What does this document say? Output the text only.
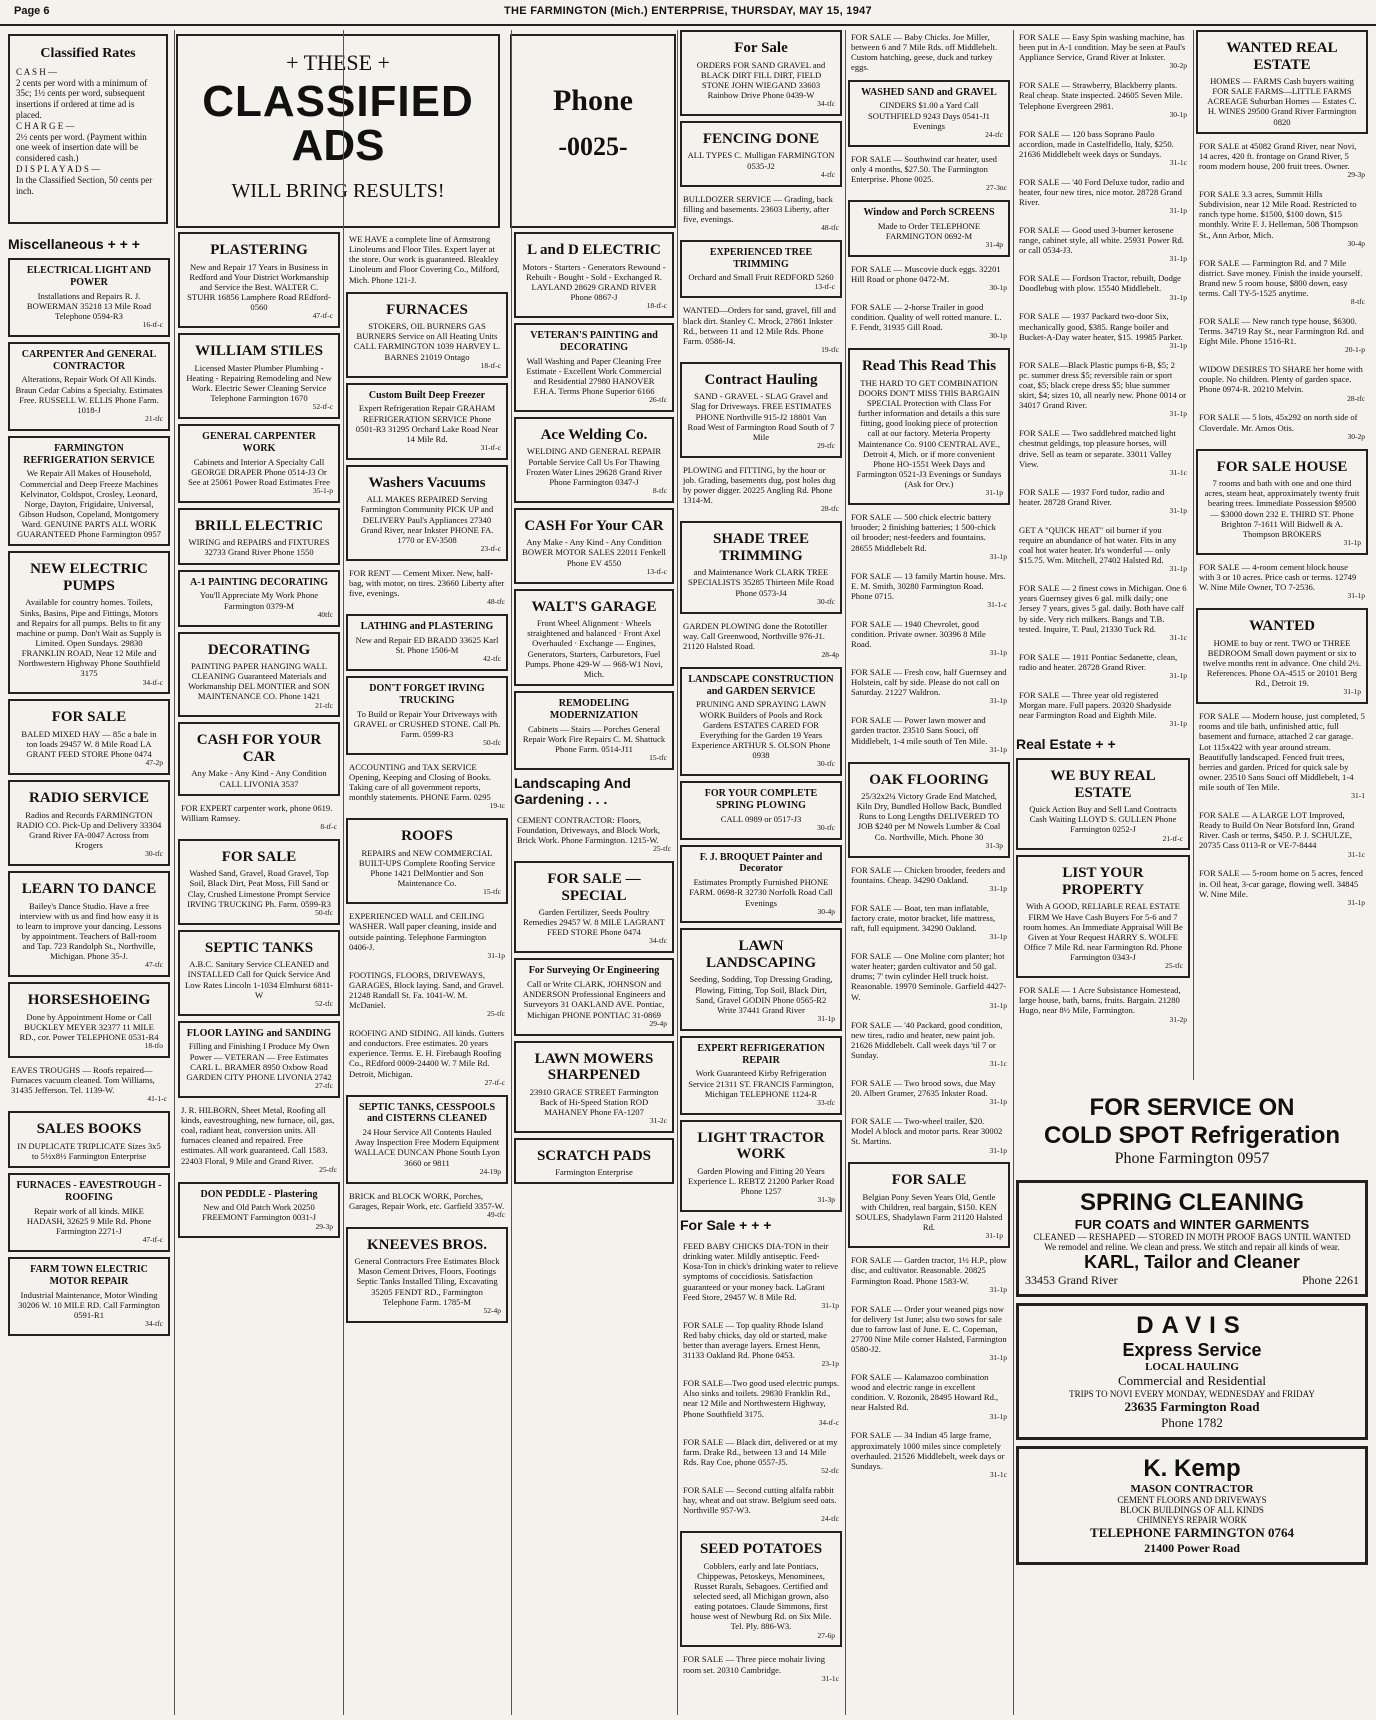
Page 6	THE FARMINGTON (Mich.) ENTERPRISE, THURSDAY, MAY 15, 1947
Classified Rates
C A S H —
2 cents per word with a minimum of 35c; 1½ cents per word, subsequent insertions if ordered at time ad is placed.
C H A R G E —
2½ cents per word. (Payment within one week of insertion date will be considered cash.)
D I S P L A Y A D S —
In the Classified Section, 50 cents per inch.
+ THESE +
CLASSIFIED
ADS
WILL BRING RESULTS!
Phone
-0025-
Miscellaneous + + +
ELECTRICAL LIGHT AND POWER
Installations and Repairs R. J. BOWERMAN 35218 13 Mile Road Telephone 0594-R3
16-tf-c
CARPENTER And GENERAL CONTRACTOR
Alterations, Repair Work Of All Kinds. Braun Cedar Cabins a Specialty. Estimates Free. RUSSELL W. ELLIS Phone Farm. 1018-J
21-tfc
FARMINGTON REFRIGERATION SERVICE
We Repair All Makes of Household, Commercial and Deep Freeze Machines Kelvinator, Coldspot, Crosley, Leonard, Norge, Dayton, Frigidaire, Universal, Gibson Hudson, Copeland, Montgomery Ward. GENUINE PARTS ALL WORK GUARANTEED Phone Farmington 0957
NEW ELECTRIC PUMPS
Available for country homes. Toilets, Sinks, Basins, Pipe and Fittings, Motors and Repairs for all pumps. Belts to fit any machine or pump. Don't Wait as Supply is Limited. Open Sundays. 29830 FRANKLIN ROAD, Near 12 Mile and Northwestern Highway Phone Southfield 3175
34-tf-c
FOR SALE
BALED MIXED HAY — 85c a bale in ton loads 29457 W. 8 Mile Road LA GRANT FEED STORE Phone 0474
47-2p
RADIO SERVICE
Radios and Records FARMINGTON RADIO CO. Pick-Up and Delivery 33304 Grand River FA-0047 Across from Krogers
30-tfc
LEARN TO DANCE
Bailey's Dance Studio. Have a free interview with us and find how easy it is to learn to improve your dancing. Lessons by appointment. Teachers of Ball-room and Tap. 723 Randolph St., Northville, Michigan. Phone 35-J.
47-tfc
HORSESHOEING
Done by Appointment Home or Call BUCKLEY MEYER 32377 11 MILE RD., cor. Power TELEPHONE 0531-R4
18-tfo
EAVES TROUGHS — Roofs repaired—Furnaces vacuum cleaned. Tom Williams, 31435 Jefferson. Tel. 1139-W.
41-1-c
SALES BOOKS
IN DUPLICATE TRIPLICATE Sizes 3x5 to 5½x8½ Farmington Enterprise
FURNACES - EAVESTROUGH - ROOFING
Repair work of all kinds. MIKE HADASH, 32625 9 Mile Rd. Phone Farmington 2271-J
47-tf-c
FARM TOWN ELECTRIC MOTOR REPAIR
Industrial Maintenance, Motor Winding 30206 W. 10 MILE RD. Call Farmington 0591-R1
34-tfc
PLASTERING
New and Repair 17 Years in Business in Redford and Your District Workmanship and Service the Best. WALTER C. STUHR 16856 Lamphere Road REdford-0560
47-tf-c
WILLIAM STILES
Licensed Master Plumber Plumbing - Heating - Repairing Remodeling and New Work. Electric Sewer Cleaning Service Telephone Farmington 1670
52-tf-c
GENERAL CARPENTER WORK
Cabinets and Interior A Specialty Call GEORGE DRAPER Phone 0514-J3 Or See at 25061 Power Road Estimates Free
35-1-p
BRILL ELECTRIC
WIRING and REPAIRS and FIXTURES 32733 Grand River Phone 1550
A-1 PAINTING DECORATING
You'll Appreciate My Work Phone Farmington 0379-M
40tfc
DECORATING
PAINTING PAPER HANGING WALL CLEANING Guaranteed Materials and Workmanship DEL MONTIER and SON MAINTENANCE CO. Phone 1421
21-tfc
CASH FOR YOUR CAR
Any Make - Any Kind - Any Condition CALL LIVONIA 3537
FOR EXPERT carpenter work, phone 0619. William Ramsey.
8-tf-c
FOR SALE
Washed Sand, Gravel, Road Gravel, Top Soil, Black Dirt, Peat Moss, Fill Sand or Clay, Crushed Limestone Prompt Service IRVING TRUCKING Ph. Farm. 0599-R3
50-tfc
SEPTIC TANKS
A.B.C. Sanitary Service CLEANED and INSTALLED Call for Quick Service And Low Rates Lincoln 1-1034 Elmhurst 6811-W
52-tfc
FLOOR LAYING and SANDING
Filling and Finishing I Produce My Own Power — VETERAN — Free Estimates CARL L. BRAMER 8950 Oxbow Road GARDEN CITY PHONE LIVONIA 2742
27-tfc
J. R. HILBORN, Sheet Metal, Roofing all kinds, eavestroughing, new furnace, oil, gas, coal, radiant heat, conversion units. All furnaces cleaned and repaired. Free estimates. All work guaranteed. Call 1583. 22403 Floral, 9 Mile and Grand River.
25-tfc
DON PEDDLE - Plastering
New and Old Patch Work 20250 FREEMONT Farmington 0031-J
29-3p
WE HAVE a complete line of Armstrong Linoleums and Floor Tiles. Expert layer at the store. Our work is guaranteed. Bleakley Linoleum and Floor Covering Co., Milford, Mich. Phone 121-J.
FURNACES
STOKERS, OIL BURNERS GAS BURNERS Service on All Heating Units CALL FARMINGTON 1039 HARVEY L. BARNES 21019 Ontago
18-tf-c
Custom Built Deep Freezer
Expert Refrigeration Repair GRAHAM REFRIGERATION SERVICE Phone 0501-R3 31295 Orchard Lake Road Near 14 Mile Rd.
31-tf-c
Washers Vacuums
ALL MAKES REPAIRED Serving Farmington Community PICK UP and DELIVERY Paul's Appliances 27340 Grand River, near Inkster PHONE FA. 1770 or EV-3508
23-tf-c
FOR RENT — Cement Mixer. New, half-bag, with motor, on tires. 23660 Liberty after five, evenings.
48-tfc
LATHING and PLASTERING
New and Repair ED BRADD 33625 Karl St. Phone 1506-M
42-tfc
DON'T FORGET IRVING TRUCKING
To Build or Repair Your Driveways with GRAVEL or CRUSHED STONE. Call Ph. Farm. 0599-R3
50-tfc
ACCOUNTING and TAX SERVICE Opening, Keeping and Closing of Books. Taking care of all government reports, monthly statements. PHONE Farm. 0295
19-tc
ROOFS
REPAIRS and NEW COMMERCIAL BUILT-UPS Complete Roofing Service Phone 1421 DelMontier and Son Maintenance Co.
15-tfc
EXPERIENCED WALL and CEILING WASHER. Wall paper cleaning, inside and outside painting. Telephone Farmington 0406-J.
31-1p
FOOTINGS, FLOORS, DRIVEWAYS, GARAGES, Block laying. Sand, and Gravel. 21248 Randall St. Fa. 1041-W. M. McDaniel.
25-tfc
ROOFING AND SIDING. All kinds. Gutters and conductors. Free estimates. 20 years experience. Terms. E. H. Firebaugh Roofing Co., REdford 0009-24400 W. 7 Mile Rd. Detroit, Michigan.
27-tf-c
SEPTIC TANKS, CESSPOOLS and CISTERNS CLEANED
24 Hour Service All Contents Hauled Away Inspection Free Modern Equipment WALLACE DUNCAN Phone South Lyon 3660 or 9811
24-19p
BRICK and BLOCK WORK, Porches, Garages, Repair Work, etc. Garfield 3357-W.
49-tfc
KNEEVES BROS.
General Contractors Free Estimates Block Mason Cement Drives, Floors, Footings Septic Tanks Installed Tiling, Excavating 35205 FENDT RD., Farmington Telephone Farm. 1785-M
52-4p
L and D ELECTRIC
Motors - Starters - Generators Rewound - Rebuilt - Bought - Sold - Exchanged R. LAYLAND 28629 GRAND RIVER Phone 0867-J
18-tf-c
VETERAN'S PAINTING and DECORATING
Wall Washing and Paper Cleaning Free Estimate - Excellent Work Commercial and Residential 27980 HANOVER F.H.A. Terms Phone Superior 6166
26-tfc
Ace Welding Co.
WELDING AND GENERAL REPAIR Portable Service Call Us For Thawing Frozen Water Lines 29628 Grand River Phone Farmington 0347-J
8-tfc
CASH For Your CAR
Any Make - Any Kind - Any Condition BOWER MOTOR SALES 22011 Fenkell Phone EV 4550
13-tf-c
WALT'S GARAGE
Front Wheel Alignment · Wheels straightened and balanced · Front Axel Overhauled · Exchange — Engines, Generators, Starters, Carburetors, Fuel Pumps. Phone 429-W — 968-W1 Novi, Mich.
REMODELING MODERNIZATION
Cabinets — Stairs — Porches General Repair Work Fire Repairs C. M. Shattuck Phone Farm. 0514-J11
15-tfc
Landscaping And Gardening . . .
CEMENT CONTRACTOR: Floors, Foundation, Driveways, and Block Work, Brick Work. Phone Farmington. 1215-W.
25-tfc
FOR SALE — SPECIAL
Garden Fertilizer, Seeds Poultry Remedies 29457 W. 8 MILE LAGRANT FEED STORE Phone 0474
34-tfc
For Surveying Or Engineering
Call or Write CLARK, JOHNSON and ANDERSON Professional Engineers and Surveyors 31 OAKLAND AVE. Pontiac, Michigan PHONE PONTIAC 31-0869
29-4p
LAWN MOWERS SHARPENED
23910 GRACE STREET Farmington Back of Hi-Speed Station ROD MAHANEY Phone FA-1207
31-2c
SCRATCH PADS
Farmington Enterprise
For Sale
ORDERS FOR SAND GRAVEL and BLACK DIRT FILL DIRT, FIELD STONE JOHN WIEGAND 33603 Rainbow Drive Phone 0439-W
34-tfc
FENCING DONE
ALL TYPES C. Mulligan FARMINGTON 0535-J2
4-tfc
BULLDOZER SERVICE — Grading, back filling and basements. 23603 Liberty, after five, evenings.
48-tfc
EXPERIENCED TREE TRIMMING
Orchard and Small Fruit REDFORD 5260
13-tf-c
WANTED—Orders for sand, gravel, fill and black dirt. Stanley C. Mrock, 27861 Inkster Rd., between 11 and 12 Mile Rds. Phone Farm. 0586-J4.
19-tfc
Contract Hauling
SAND - GRAVEL - SLAG Gravel and Slag for Driveways. FREE ESTIMATES PHONE Northville 915-J2 18801 Van Road West of Farmington Road South of 7 Mile
29-tfc
PLOWING and FITTING, by the hour or job. Grading, basements dug, post holes dug by power digger. 20225 Angling Rd. Phone 1314-M.
28-tfc
SHADE TREE TRIMMING
and Maintenance Work CLARK TREE SPECIALISTS 35285 Thirteen Mile Road Phone 0573-J4
30-tfc
GARDEN PLOWING done the Rototiller way. Call Greenwood, Northville 976-J1. 21120 Halsted Road.
28-4p
LANDSCAPE CONSTRUCTION and GARDEN SERVICE
PRUNING AND SPRAYING LAWN WORK Builders of Pools and Rock Gardens ESTATES CARED FOR Everything for the Garden 19 Years Experience ARTHUR S. OLSON Phone 0938
30-tfc
FOR YOUR COMPLETE SPRING PLOWING
CALL 0989 or 0517-J3
30-tfc
F. J. BROQUET Painter and Decorator
Estimates Promptly Furnished PHONE FARM. 0698-R 32730 Norfolk Road Call Evenings
30-4p
LAWN LANDSCAPING
Seeding, Sodding, Top Dressing Grading, Plowing, Fitting, Top Soil, Black Dirt, Sand, Gravel GODIN Phone 0565-R2 Write 37441 Grand River
31-1p
EXPERT REFRIGERATION REPAIR
Work Guaranteed Kirby Refrigeration Service 21311 ST. FRANCIS Farmington, Michigan TELEPHONE 1124-R
33-tfc
LIGHT TRACTOR WORK
Garden Plowing and Fitting 20 Years Experience L. REBTZ 21200 Parker Road Phone 1257
31-3p
For Sale + + +
FEED BABY CHICKS DIA-TON in their drinking water. Mildly antiseptic. Feed-Kosa-Ton in chick's drinking water to relieve symptoms of coccidiosis. Satisfaction guaranteed or your money back. LaGrant Feed Store, 29457 W. 8 Mile Rd.
31-1p
FOR SALE — Top quality Rhode Island Red baby chicks, day old or started, make better than average layers. Ernest Henn, 31133 Oakland Rd. Phone 0453.
23-1p
FOR SALE—Two good used electric pumps. Also sinks and toilets. 29830 Franklin Rd., near 12 Mile and Northwestern Highway, Phone Southfield 3175.
34-tf-c
FOR SALE — Black dirt, delivered or at my farm. Drake Rd., between 13 and 14 Mile Rds. Ray Coe, phone 0557-J5.
52-tfc
FOR SALE — Second cutting alfalfa rabbit hay, wheat and oat straw. Belgium seed oats. Northville 957-W3.
24-tfc
SEED POTATOES
Cobblers, early and late Pontiacs, Chippewas, Petoskeys, Menominees, Russet Rurals, Sebagoes. Certified and selected seed, all Michigan grown, also eating potatoes. Claude Simmons, first house west of Newburg Rd. on Six Mile. Tel. Ply. 886-W3.
27-6p
FOR SALE — Three piece mohair living room set. 20310 Cambridge.
31-1c
FOR SALE — Baby Chicks. Joe Miller, between 6 and 7 Mile Rds. off Middlebelt. Custom hatching, geese, duck and turkey eggs.
WASHED SAND and GRAVEL
CINDERS $1.00 a Yard Call SOUTHFIELD 9243 Days 0541-J1 Evenings
24-tfc
FOR SALE — Southwind car heater, used only 4 months, $27.50. The Farmington Enterprise. Phone 0025.
27-3nc
Window and Porch SCREENS
Made to Order TELEPHONE FARMINGTON 0692-M
31-4p
FOR SALE — Muscovie duck eggs. 32201 Hill Road or phone 0472-M.
30-1p
FOR SALE — 2-horse Trailer in good condition. Quality of well rotted manure. L. F. Fendt, 31935 Gill Road.
30-1p
Read This Read This
THE HARD TO GET COMBINATION DOORS DON'T MISS THIS BARGAIN SPECIAL Protection with Class For further information and details a this sure fitting, good looking piece of protection call at our factory. Meteria Property Maintenance Co. 9100 CENTRAL AVE., Detroit 4, Mich. or if more convenient Phone HO-1551 Week Days and Farmington 0521-J3 Evenings or Sundays (Ask for Orv.)
31-1p
FOR SALE — 500 chick electric battery brooder; 2 finishing batteries; 1 500-chick oil brooder; nest-feeders and fountains. 28655 Middlebelt Rd.
31-1p
FOR SALE — 13 family Martin house. Mrs. E. M. Smith, 30280 Farmington Road. Phone 0715.
31-1-c
FOR SALE — 1940 Chevrolet, good condition. Private owner. 30396 8 Mile Road.
31-1p
FOR SALE — Fresh cow, half Guernsey and Holstein, calf by side. Please do not call on Saturday. 21227 Waldron.
31-1p
FOR SALE — Power lawn mower and garden tractor. 23510 Sans Souci, off Middlebelt, 1-4 mile south of Ten Mile.
31-1p
OAK FLOORING
25/32x2¼ Victory Grade End Matched, Kiln Dry, Bundled Hollow Back, Bundled Runs to Long Lengths DELIVERED TO JOB $240 per M Nowels Lumber & Coal Co. Northville, Mich. Phone 30
31-3p
FOR SALE — Chicken brooder, feeders and fountains. Cheap. 34290 Oakland.
31-1p
FOR SALE — Boat, ten man inflatable, factory crate, motor bracket, life mattress, raft, full equipment. 34290 Oakland.
31-1p
FOR SALE — One Moline corn planter; hot water heater; garden cultivator and 50 gal. drums; 7' twin cylinder Hell truck hoist. Reasonable. 19970 Seminole. Garfield 4427-W.
31-1p
FOR SALE — '40 Packard, good condition, new tires, radio and heater, new paint job. 21626 Middlebelt. Call week days 'til 7 or Sunday.
31-1c
FOR SALE — Two brood sows, due May 20. Albert Gramer, 27635 Inkster Road.
31-1p
FOR SALE — Two-wheel trailer, $20. Model A block and motor parts. Rear 30002 St. Martins.
31-1p
FOR SALE
Belgian Pony Seven Years Old, Gentle with Children, real bargain, $150. KEN SOULES, Shadylawn Farm 21120 Halsted Rd.
31-1p
FOR SALE — Garden tractor, 1½ H.P., plow disc, and cultivator. Reasonable. 20825 Farmington Road. Phone 1583-W.
31-1p
FOR SALE — Order your weaned pigs now for delivery 1st June; also two sows for sale due to farrow last of June. E. C. Copeman, 27700 Nine Mile corner Halsted, Farmington 0580-J2.
31-1p
FOR SALE — Kalamazoo combination wood and electric range in excellent condition. V. Rozonik, 28495 Howard Rd., near Halsted Rd.
31-1p
FOR SALE — 34 Indian 45 large frame, approximately 1000 miles since completely overhauled. 21526 Middlebelt, week days or Sundays.
31-1c
FOR SALE — Easy Spin washing machine, has been put in A-1 condition. May be seen at Paul's Appliance Service, Grand River at Inkster.
30-2p
FOR SALE — Strawberry, Blackberry plants. Real cheap. State inspected. 24605 Seven Mile. Telephone Evergreen 2981.
30-1p
FOR SALE — 120 bass Soprano Paulo accordion, made in Castelfidello, Italy, $250. 21636 Middlebelt week days or Sundays.
31-1c
FOR SALE — '40 Ford Deluxe tudor, radio and heater, four new tires, nice motor. 28728 Grand River.
31-1p
FOR SALE — Good used 3-burner kerosene range, cabinet style, all white. 25931 Power Rd. or call 0534-J3.
31-1p
FOR SALE — Fordson Tractor, rebuilt, Dodge Doodlebug with plow. 15540 Middlebelt.
31-1p
FOR SALE — 1937 Packard two-door Six, mechanically good, $385. Range boiler and Bucket-A-Day water heater, $15. 19985 Parker.
31-1p
FOR SALE—Black Plastic pumps 6-B, $5; 2 pc. summer dress $5; reversible rain or sport coat, $5; black crepe dress $5; blue summer skirt, $4; sizes 10, all nearly new. Phone 0014 or 34017 Grand River.
31-1p
FOR SALE — Two saddlebred matched light chestnut geldings, top pleasure horses, will drive. Sell as team or separate. 33011 Valley View.
31-1c
FOR SALE — 1937 Ford tudor, radio and heater. 28728 Grand River.
31-1p
GET A "QUICK HEAT" oil burner if you require an abundance of hot water. Fits in any coal hot water heater. It's wonderful — only $15.75. Wm. Mitchell, 27402 Halsted Rd.
31-1p
FOR SALE — 2 finest cows in Michigan. One 6 years Guernsey gives 6 gal. milk daily; one Jersey 7 years, gives 5 gal. daily. Both have calf by side. Very rich milkers. Bangs and T.B. tested. Inquire, T. Paul, 21330 Tuck Rd.
31-1c
FOR SALE — 1911 Pontiac Sedanette, clean, radio and heater. 28728 Grand River.
31-1p
FOR SALE — Three year old registered Morgan mare. Full papers. 20320 Shadyside near Farmington Road and Eighth Mile.
31-1p
Real Estate + +
WE BUY REAL ESTATE
Quick Action Buy and Sell Land Contracts Cash Waiting LLOYD S. GULLEN Phone Farmington 0252-J
21-tf-c
LIST YOUR PROPERTY
With A GOOD, RELIABLE REAL ESTATE FIRM We Have Cash Buyers For 5-6 and 7 room homes. An Immediate Appraisal Will Be Given at Your Request HARRY S. WOLFE Office 7 Mile Rd. near Farmington Rd. Phone Farmington 0343-J
25-tfc
FOR SALE — 1 Acre Subsistance Homestead, large house, bath, barns, fruits. Bargain. 21280 Hugo, near 8½ Mile, Farmington.
31-2p
WANTED REAL ESTATE
HOMES — FARMS Cash buyers waiting FOR SALE FARMS—LITTLE FARMS ACREAGE Suburban Homes — Estates C. H. WINES 29500 Grand River Farmington 0820
FOR SALE at 45082 Grand River, near Novi, 14 acres, 420 ft. frontage on Grand River, 5 room modern house, 200 fruit trees. Owner.
29-3p
FOR SALE 3.3 acres, Summit Hills Subdivision, near 12 Mile Road. Restricted to ranch type home. $1500, $100 down, $15 monthly. Write F. J. Helleman, 508 Thompson St., Ann Arbor, Mich.
30-4p
FOR SALE — Farmington Rd. and 7 Mile district. Save money. Finish the inside yourself. Brand new 5 room house, $800 down, easy terms. Call TY-5-1525 anytime.
8-tfc
FOR SALE — New ranch type house, $6300. Terms. 34719 Ray St., near Farmington Rd. and Eight Mile. Phone 1516-R1.
20-1-p
WIDOW DESIRES TO SHARE her home with couple. No children. Plenty of garden space. Phone 0974-R. 20210 Melvin.
28-tfc
FOR SALE — 5 lots, 45x292 on north side of Cloverdale. Mr. Amos Otis.
30-2p
FOR SALE HOUSE
7 rooms and bath with one and one third acres, steam heat, approximately twenty fruit bearing trees. Immediate Possession $9500 — $3000 down 232 E. THIRD ST. Phone Brighton 7-1611 Will Bidwell & A. Thompson BROKERS
31-1p
FOR SALE — 4-room cement block house with 3 or 10 acres. Price cash or terms. 12749 W. Nine Mile Owner, TO 7-2536.
31-1p
WANTED
HOME to buy or rent. TWO or THREE BEDROOM Small down payment or six to twelve months rent in advance. One child 2½. References. Phone OA-4515 or 20101 Berg Rd., Detroit 19.
31-1p
FOR SALE — Modern house, just completed, 5 rooms and tile bath, unfinished attic, full basement and furnace, attached 2 car garage. Lot 115x422 with year around stream. Beautifully landscaped. Fenced fruit trees, berries and garden. Priced for quick sale by owner. 23510 Sans Souci off Middlebelt, 1-4 mile south of Ten Mile.
31-1
FOR SALE — A LARGE LOT Improved, Ready to Build On Near Botsford Inn, Grand River. Cash or terms, $450. P. J. SCHULZE, 20735 Cass 0113-R or VE-7-8444
31-1c
FOR SALE — 5-room home on 5 acres, fenced in. Oil heat, 3-car garage, flowing well. 34845 W. Nine Mile.
31-1p
FOR SERVICE ON
COLD SPOT Refrigeration
Phone Farmington 0957
SPRING CLEANING
FUR COATS and WINTER GARMENTS
CLEANED — RESHAPED — STORED IN MOTH PROOF BAGS UNTIL WANTED
We remodel and reline. We clean and press. We stitch and repair all kinds of wear.
KARL, Tailor and Cleaner
33453 Grand River	Phone 2261
DAVIS
Express Service
LOCAL HAULING
Commercial and Residential
TRIPS TO NOVI EVERY MONDAY, WEDNESDAY and FRIDAY
23635 Farmington Road
Phone 1782
K. Kemp
MASON CONTRACTOR
CEMENT FLOORS AND DRIVEWAYS
BLOCK BUILDINGS OF ALL KINDS
CHIMNEYS REPAIR WORK
TELEPHONE FARMINGTON 0764
21400 Power Road
